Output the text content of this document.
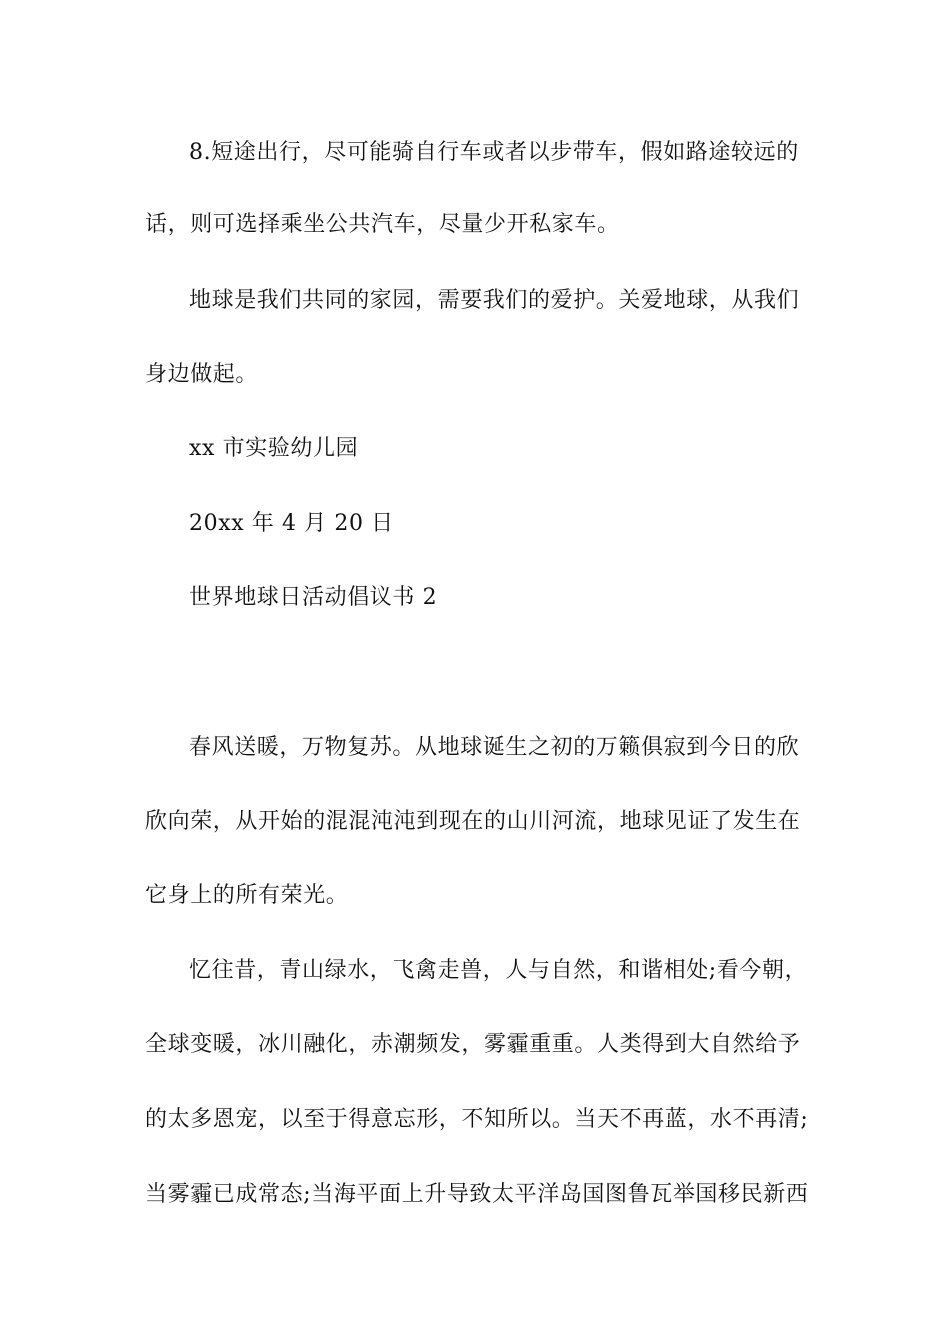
8.短途出行，尽可能骑自行车或者以步带车，假如路途较远的
话，则可选择乘坐公共汽车，尽量少开私家车。
地球是我们共同的家园，需要我们的爱护。关爱地球，从我们
身边做起。
xx 市实验幼儿园
20xx 年 4 月 20 日
世界地球日活动倡议书 2
春风送暖，万物复苏。从地球诞生之初的万籁俱寂到今日的欣
欣向荣，从开始的混混沌沌到现在的山川河流，地球见证了发生在
它身上的所有荣光。
忆往昔，青山绿水，飞禽走兽，人与自然，和谐相处;看今朝，
全球变暖，冰川融化，赤潮频发，雾霾重重。人类得到大自然给予
的太多恩宠，以至于得意忘形，不知所以。当天不再蓝，水不再清;
当雾霾已成常态;当海平面上升导致太平洋岛国图鲁瓦举国移民新西
